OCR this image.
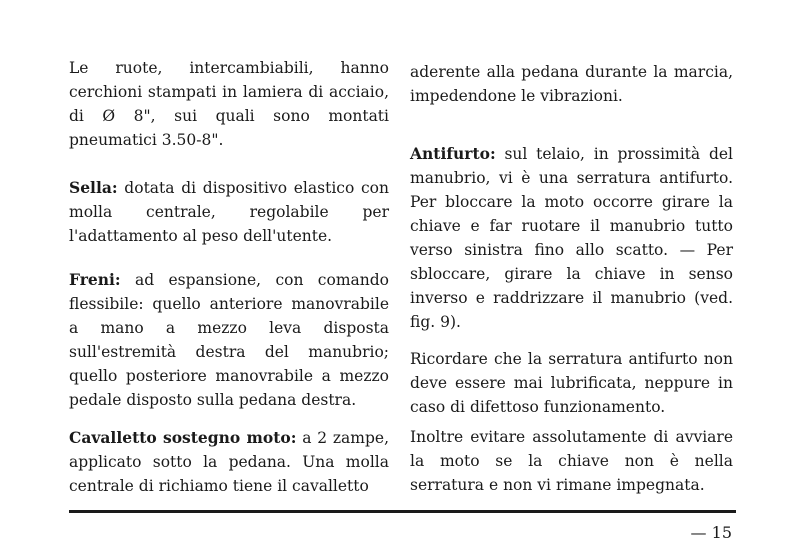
Le ruote, intercambiabili, hanno cerchioni stampati in lamiera di acciaio, di Ø 8", sui quali sono montati pneumatici 3.50-8".

Sella: dotata di dispositivo elastico con molla centrale, regolabile per l'adattamento al peso dell'utente.

Freni: ad espansione, con comando flessibile: quello anteriore manovrabile a mano a mezzo leva disposta sull'estremità destra del manubrio; quello posteriore manovrabile a mezzo pedale disposto sulla pedana destra.

Cavalletto sostegno moto: a 2 zampe, applicato sotto la pedana. Una molla centrale di richiamo tiene il cavalletto

aderente alla pedana durante la marcia, impedendone le vibrazioni.

Antifurto: sul telaio, in prossimità del manubrio, vi è una serratura antifurto. Per bloccare la moto occorre girare la chiave e far ruotare il manubrio tutto verso sinistra fino allo scatto. — Per sbloccare, girare la chiave in senso inverso e raddrizzare il manubrio (ved. fig. 9).

Ricordare che la serratura antifurto non deve essere mai lubrificata, neppure in caso di difettoso funzionamento.

Inoltre evitare assolutamente di avviare la moto se la chiave non è nella serratura e non vi rimane impegnata.

— 15
